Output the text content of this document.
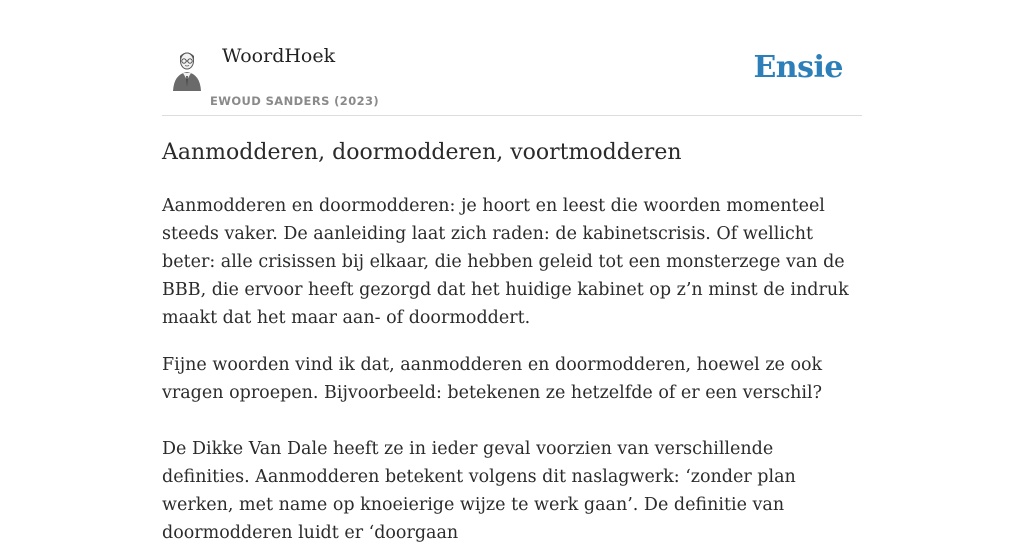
WoordHoek
EWOUD SANDERS (2023)
Ensie
Aanmodderen, doormodderen, voortmodderen

Aanmodderen en doormodderen: je hoort en leest die woorden momenteel steeds vaker. De aanleiding laat zich raden: de kabinetscrisis. Of wellicht beter: alle crisissen bij elkaar, die hebben geleid tot een monsterzege van de BBB, die ervoor heeft gezorgd dat het huidige kabinet op z’n minst de indruk maakt dat het maar aan- of doormoddert.

Fijne woorden vind ik dat, aanmodderen en doormodderen, hoewel ze ook vragen oproepen. Bijvoorbeeld: betekenen ze hetzelfde of er een verschil?

De Dikke Van Dale heeft ze in ieder geval voorzien van verschillende definities. Aanmodderen betekent volgens dit naslagwerk: ‘zonder plan werken, met name op knoeierige wijze te werk gaan’. De definitie van doormodderen luidt er ‘doorgaan
